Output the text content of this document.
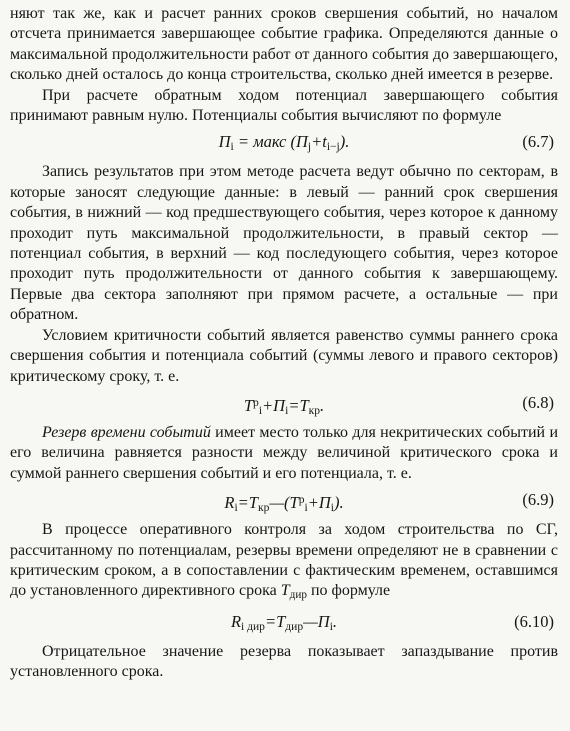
няют так же, как и расчет ранних сроков свершения событий, но началом отсчета принимается завершающее событие графика. Определяются данные о максимальной продолжительности работ от данного события до завершающего, сколько дней осталось до конца строительства, сколько дней имеется в резерве.

При расчете обратным ходом потенциал завершающего события принимают равным нулю. Потенциалы события вычисляют по формуле

$П_i$ = макс $(П_j+t_{i-j})$.	(6.7)

Запись результатов при этом методе расчета ведут обычно по секторам, в которые заносят следующие данные: в левый — ранний срок свершения события, в нижний — код предшествующего события, через которое к данному проходит путь максимальной продолжительности, в правый сектор — потенциал события, в верхний — код последующего события, через которое проходит путь продолжительности от данного события к завершающему. Первые два сектора заполняют при прямом расчете, а остальные — при обратном.

Условием критичности событий является равенство суммы раннего срока свершения события и потенциала событий (суммы левого и правого секторов) критическому сроку, т. е.

$T^р_i+П_i=T_{кр}$.	(6.8)

Резерв времени событий имеет место только для некритических событий и его величина равняется разности между величиной критического срока и суммой раннего свершения событий и его потенциала, т. е.

$R_i=T_{кр}—(T^р_i+П_i)$.	(6.9)

В процессе оперативного контроля за ходом строительства по СГ, рассчитанному по потенциалам, резервы времени определяют не в сравнении с критическим сроком, а в сопоставлении с фактическим временем, оставшимся до установленного директивного срока $T_{дир}$ по формуле

$R_{i дир}=T_{дир}—П_i$.	(6.10)

Отрицательное значение резерва показывает запаздывание против установленного срока.
